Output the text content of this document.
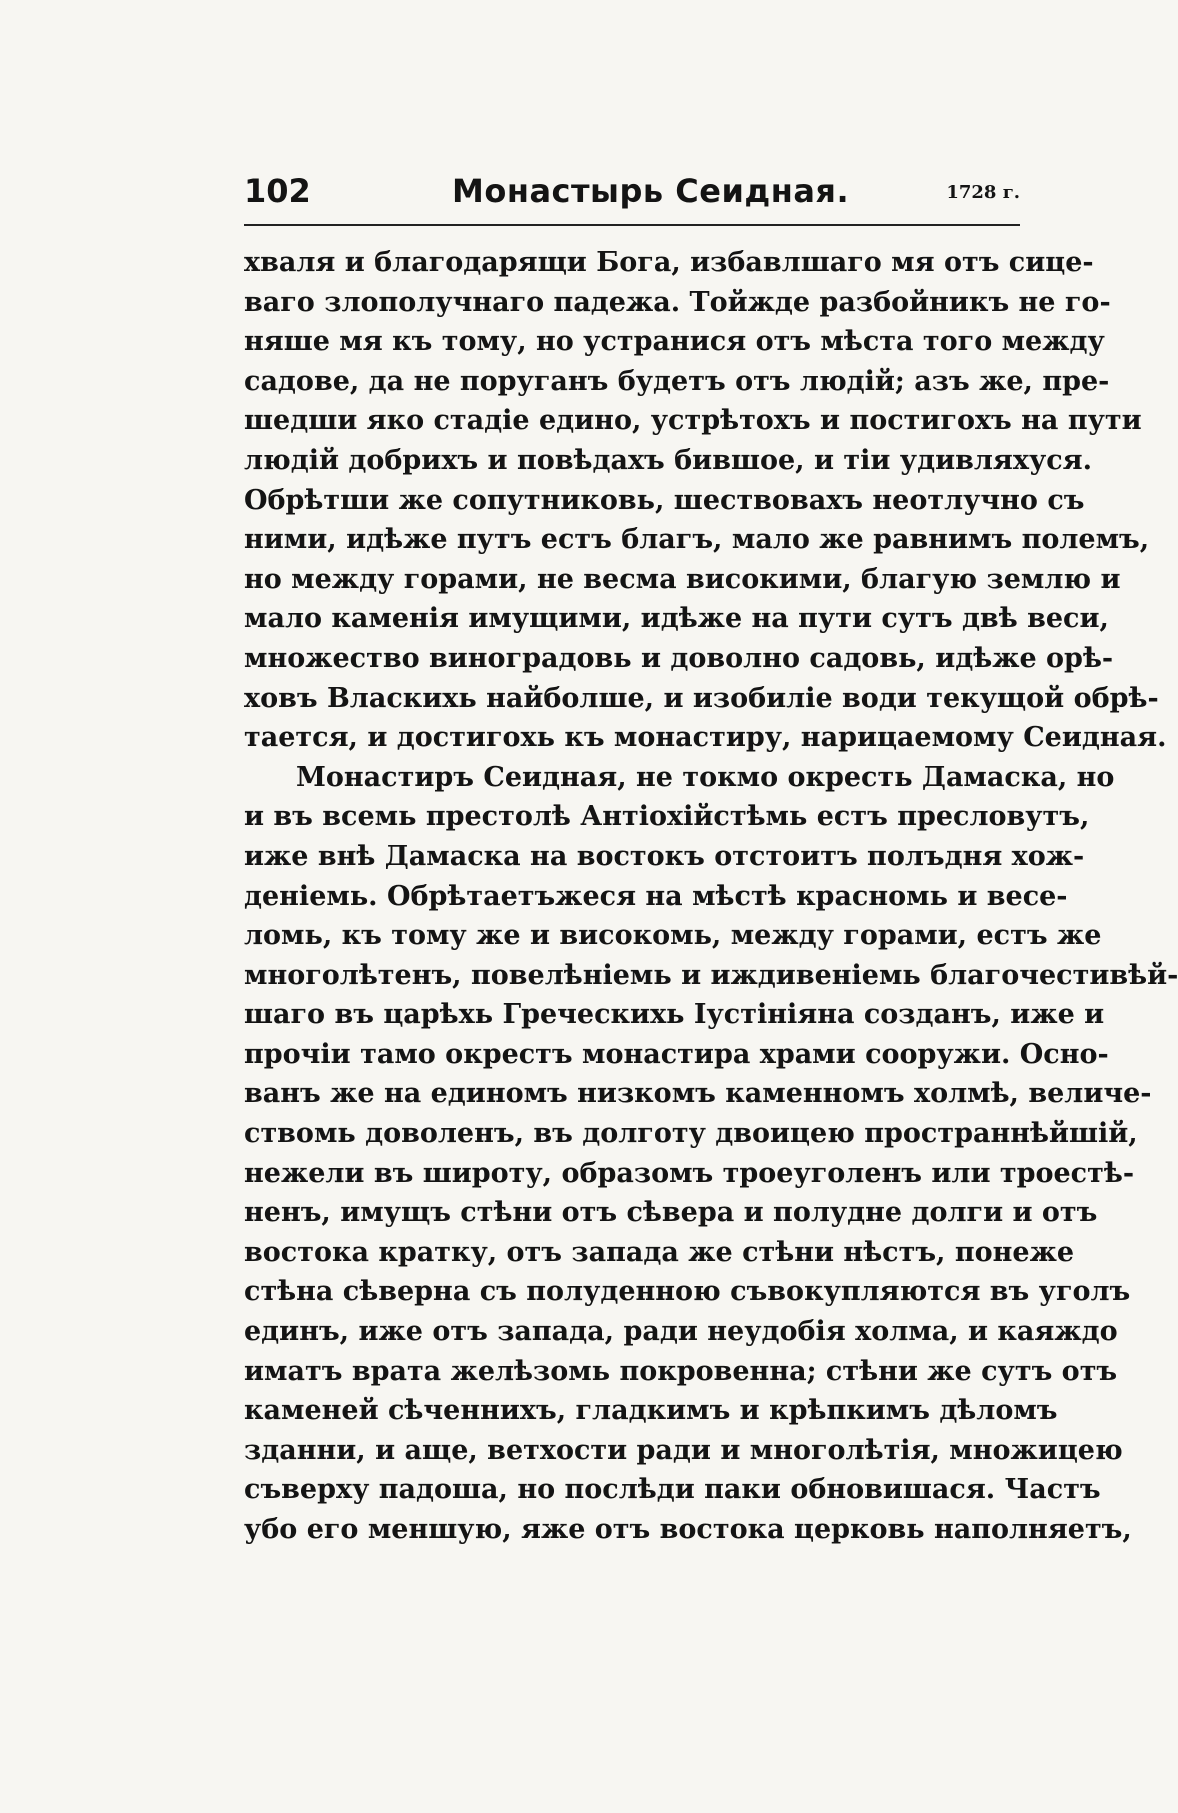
102	Монастырь Сеидная.	1728 г.
хваля и благодарящи Бога, избавлшаго мя отъ сице-
ваго злополучнаго падежа. Тойжде разбойникъ не го-
няше мя къ тому, но устранися отъ мѣста того между
садове, да не поруганъ будетъ отъ людій; азъ же, пре-
шедши яко стадіе едино, устрѣтохъ и постигохъ на пути
людій добрихъ и повѣдахъ бившое, и тіи удивляхуся.
Обрѣтши же сопутниковь, шествовахъ неотлучно съ
ними, идѣже путъ естъ благъ, мало же равнимъ полемъ,
но между горами, не весма високими, благую землю и
мало каменія имущими, идѣже на пути сутъ двѣ веси,
множество виноградовь и доволно садовь, идѣже орѣ-
ховъ Власкихь найболше, и изобиліе води текущой обрѣ-
тается, и достигохь къ монастиру, нарицаемому Сеидная.
Монастиръ Сеидная, не токмо окресть Дамаска, но
и въ всемь престолѣ Антіохійстѣмь естъ пресловутъ,
иже внѣ Дамаска на востокъ отстоитъ полъдня хож-
деніемь. Обрѣтаетъжеся на мѣстѣ красномь и весе-
ломь, къ тому же и високомь, между горами, естъ же
многолѣтенъ, повелѣніемь и иждивеніемь благочестивѣй-
шаго въ царѣхь Греческихь Іустініяна созданъ, иже и
прочіи тамо окрестъ монастира храми сооружи. Осно-
ванъ же на единомъ низкомъ каменномъ холмѣ, величе-
ствомь доволенъ, въ долготу двоицею пространнѣйшій,
нежели въ широту, образомъ троеуголенъ или троестѣ-
ненъ, имущъ стѣни отъ сѣвера и полудне долги и отъ
востока кратку, отъ запада же стѣни нѣстъ, понеже
стѣна сѣверна съ полуденною съвокупляются въ уголъ
единъ, иже отъ запада, ради неудобія холма, и каяждо
иматъ врата желѣзомь покровенна; стѣни же сутъ отъ
каменей сѣченнихъ, гладкимъ и крѣпкимъ дѣломъ
зданни, и аще, ветхости ради и многолѣтія, множицею
съверху падоша, но послѣди паки обновишася. Частъ
убо его меншую, яже отъ востока церковь наполняетъ,
